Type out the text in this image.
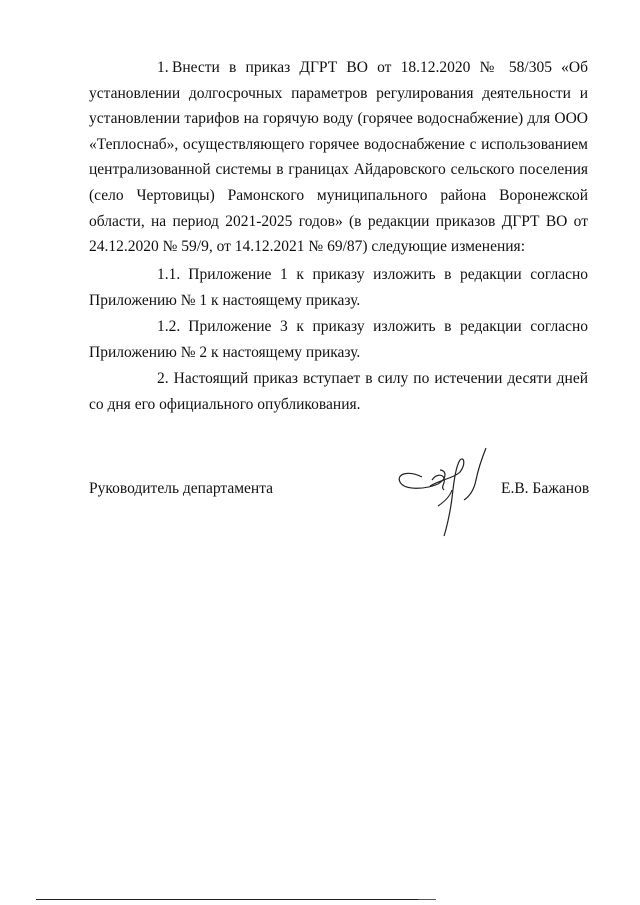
1. Внести в приказ ДГРТ ВО от 18.12.2020 № 58/305 «Об установлении долгосрочных параметров регулирования деятельности и установлении тарифов на горячую воду (горячее водоснабжение) для ООО «Теплоснаб», осуществляющего горячее водоснабжение с использованием централизованной системы в границах Айдаровского сельского поселения (село Чертовицы) Рамонского муниципального района Воронежской области, на период 2021-2025 годов» (в редакции приказов ДГРТ ВО от 24.12.2020 № 59/9, от 14.12.2021 № 69/87) следующие изменения:
1.1. Приложение 1 к приказу изложить в редакции согласно Приложению № 1 к настоящему приказу.
1.2. Приложение 3 к приказу изложить в редакции согласно Приложению № 2 к настоящему приказу.
2. Настоящий приказ вступает в силу по истечении десяти дней со дня его официального опубликования.
Руководитель департамента	Е.В. Бажанов
